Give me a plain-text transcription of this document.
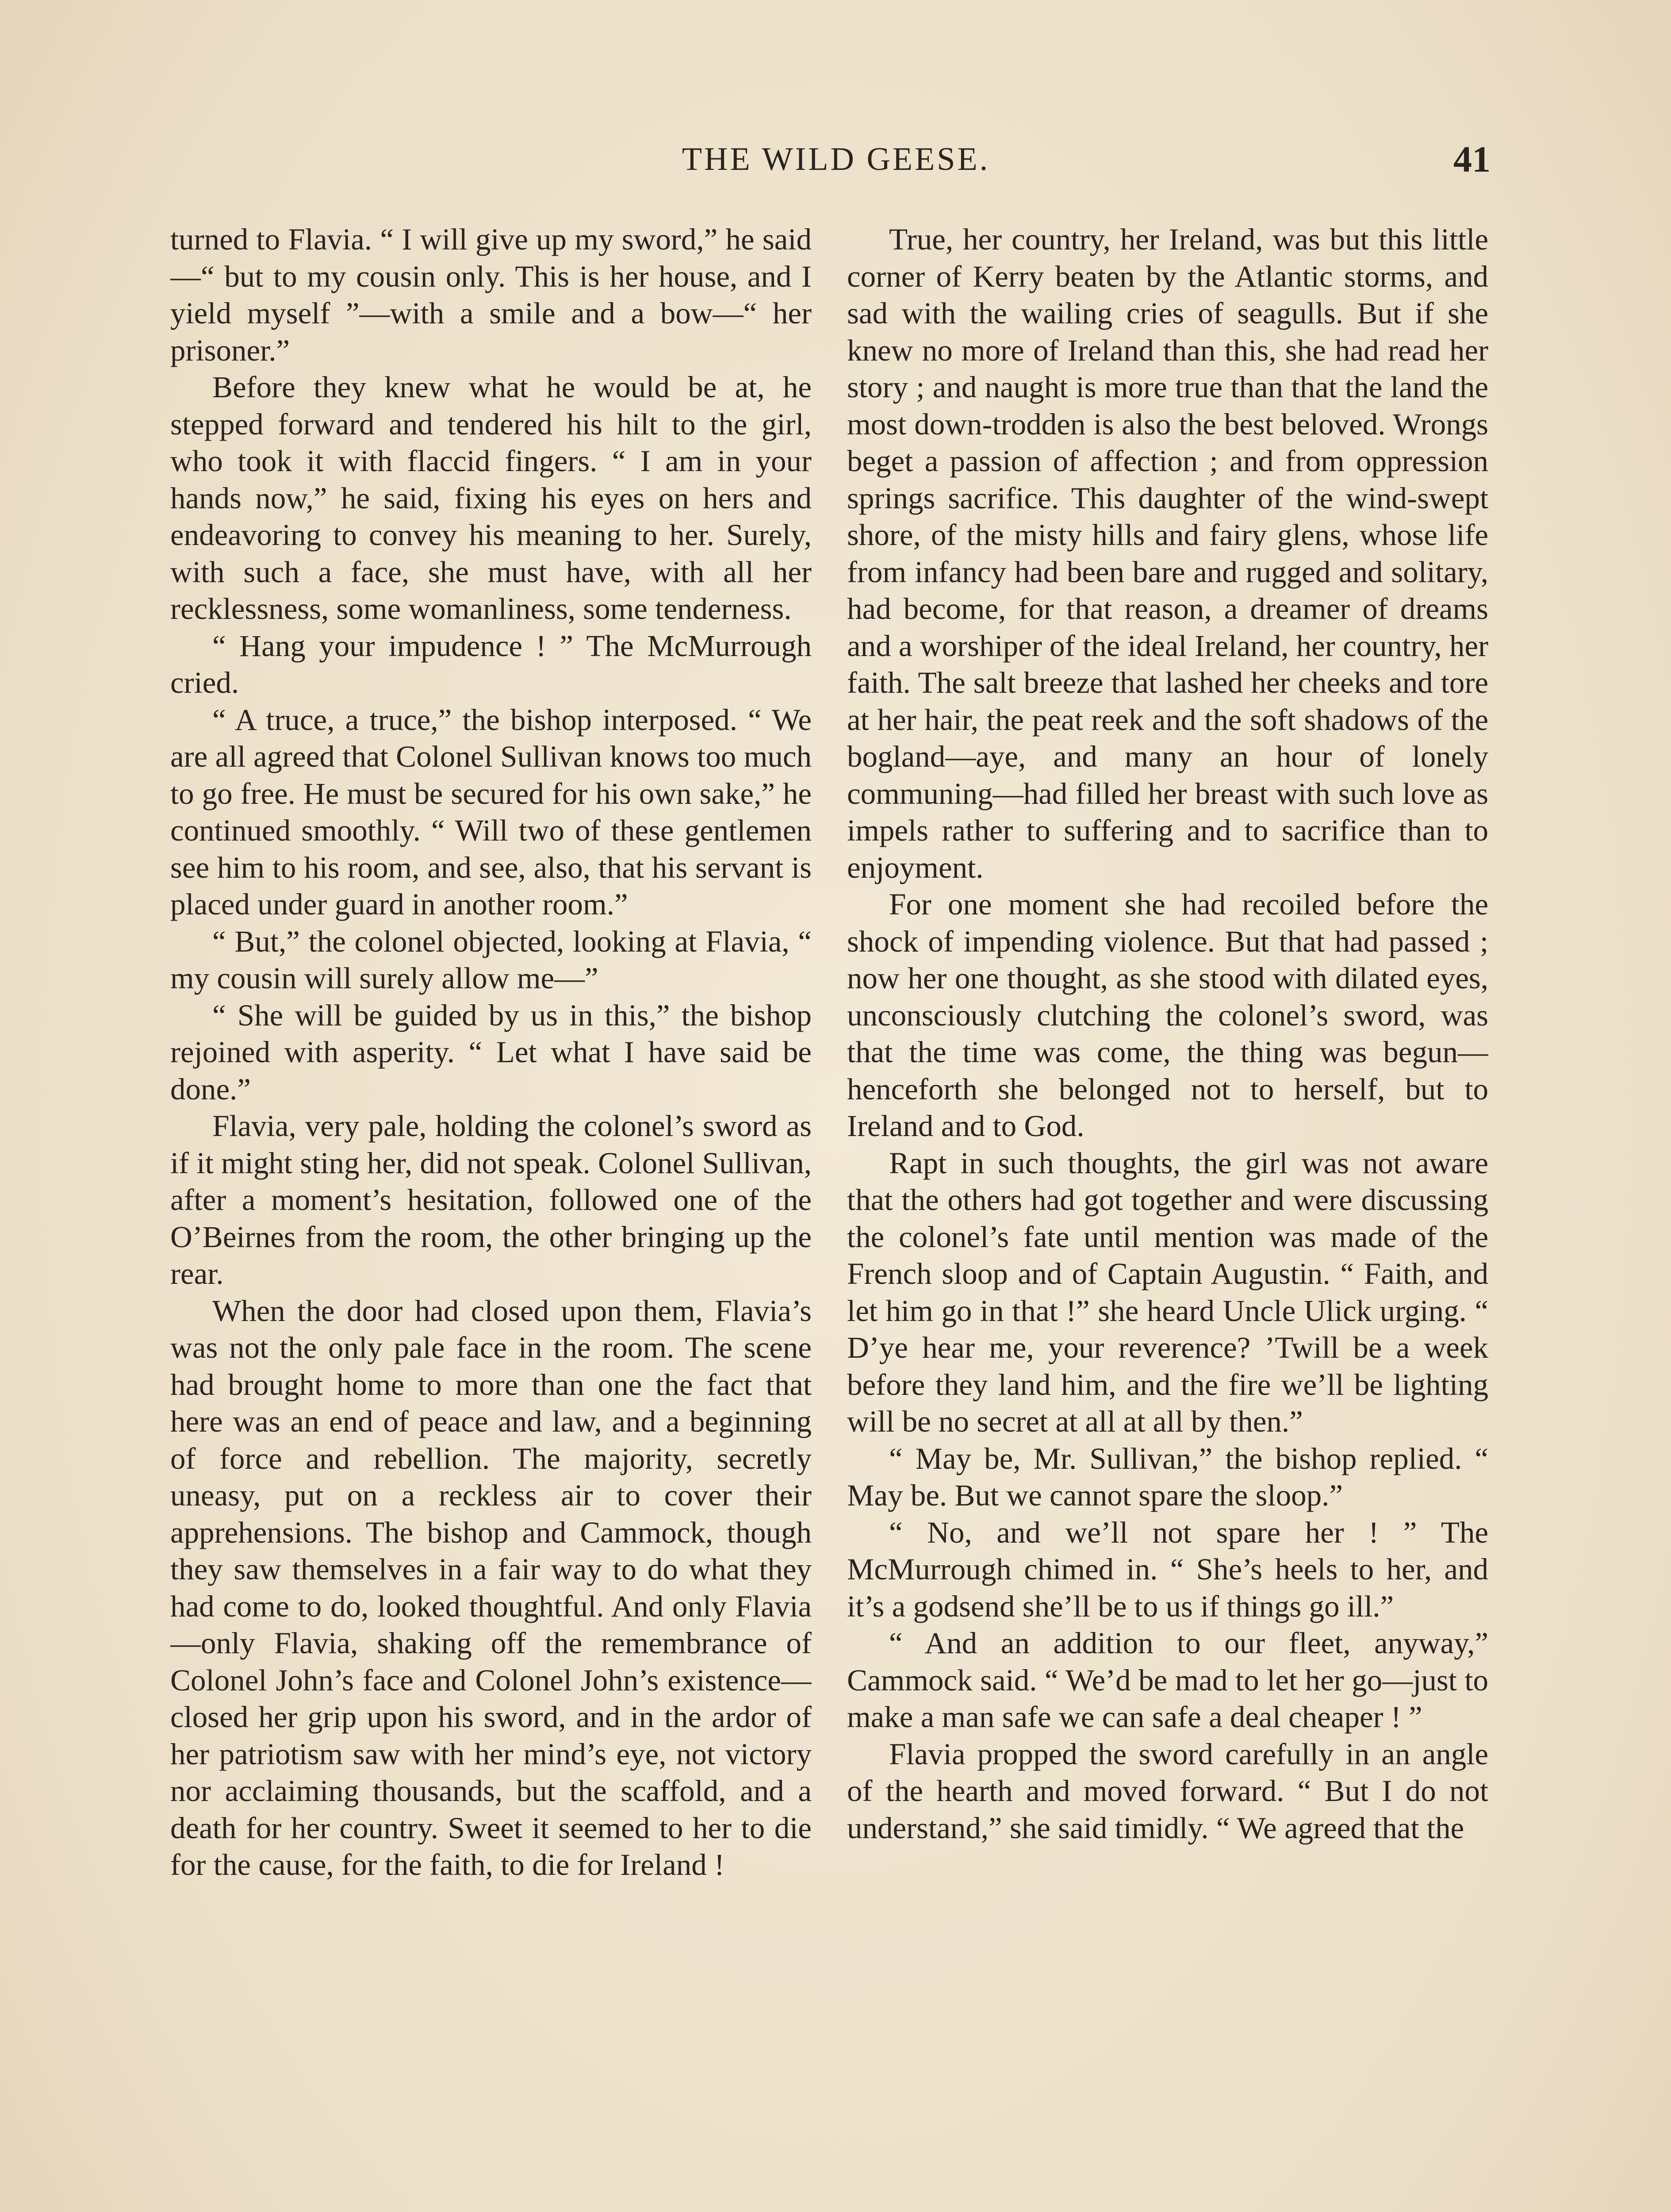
THE WILD GEESE.	41

turned to Flavia. “ I will give up my sword,” he said—“ but to my cousin only. This is her house, and I yield myself ”—with a smile and a bow—“ her prisoner.”

Before they knew what he would be at, he stepped forward and tendered his hilt to the girl, who took it with flaccid fingers. “ I am in your hands now,” he said, fixing his eyes on hers and endeavoring to convey his meaning to her. Surely, with such a face, she must have, with all her recklessness, some womanliness, some tenderness.

“ Hang your impudence ! ” The McMurrough cried.

“ A truce, a truce,” the bishop interposed. “ We are all agreed that Colonel Sullivan knows too much to go free. He must be secured for his own sake,” he continued smoothly. “ Will two of these gentlemen see him to his room, and see, also, that his servant is placed under guard in another room.”

“ But,” the colonel objected, looking at Flavia, “ my cousin will surely allow me—”

“ She will be guided by us in this,” the bishop rejoined with asperity. “ Let what I have said be done.”

Flavia, very pale, holding the colonel’s sword as if it might sting her, did not speak. Colonel Sullivan, after a moment’s hesitation, followed one of the O’Beirnes from the room, the other bringing up the rear.

When the door had closed upon them, Flavia’s was not the only pale face in the room. The scene had brought home to more than one the fact that here was an end of peace and law, and a beginning of force and rebellion. The majority, secretly uneasy, put on a reckless air to cover their apprehensions. The bishop and Cammock, though they saw themselves in a fair way to do what they had come to do, looked thoughtful. And only Flavia—only Flavia, shaking off the remembrance of Colonel John’s face and Colonel John’s existence—closed her grip upon his sword, and in the ardor of her patriotism saw with her mind’s eye, not victory nor acclaiming thousands, but the scaffold, and a death for her country. Sweet it seemed to her to die for the cause, for the faith, to die for Ireland !

True, her country, her Ireland, was but this little corner of Kerry beaten by the Atlantic storms, and sad with the wailing cries of seagulls. But if she knew no more of Ireland than this, she had read her story ; and naught is more true than that the land the most down-trodden is also the best beloved. Wrongs beget a passion of affection ; and from oppression springs sacrifice. This daughter of the wind-swept shore, of the misty hills and fairy glens, whose life from infancy had been bare and rugged and solitary, had become, for that reason, a dreamer of dreams and a worshiper of the ideal Ireland, her country, her faith. The salt breeze that lashed her cheeks and tore at her hair, the peat reek and the soft shadows of the bogland—aye, and many an hour of lonely communing—had filled her breast with such love as impels rather to suffering and to sacrifice than to enjoyment.

For one moment she had recoiled before the shock of impending violence. But that had passed ; now her one thought, as she stood with dilated eyes, unconsciously clutching the colonel’s sword, was that the time was come, the thing was begun—henceforth she belonged not to herself, but to Ireland and to God.

Rapt in such thoughts, the girl was not aware that the others had got together and were discussing the colonel’s fate until mention was made of the French sloop and of Captain Augustin. “ Faith, and let him go in that !” she heard Uncle Ulick urging. “ D’ye hear me, your reverence? ’Twill be a week before they land him, and the fire we’ll be lighting will be no secret at all at all by then.”

“ May be, Mr. Sullivan,” the bishop replied. “ May be. But we cannot spare the sloop.”

“ No, and we’ll not spare her ! ” The McMurrough chimed in. “ She’s heels to her, and it’s a godsend she’ll be to us if things go ill.”

“ And an addition to our fleet, anyway,” Cammock said. “ We’d be mad to let her go—just to make a man safe we can safe a deal cheaper ! ”

Flavia propped the sword carefully in an angle of the hearth and moved forward. “ But I do not understand,” she said timidly. “ We agreed that the
